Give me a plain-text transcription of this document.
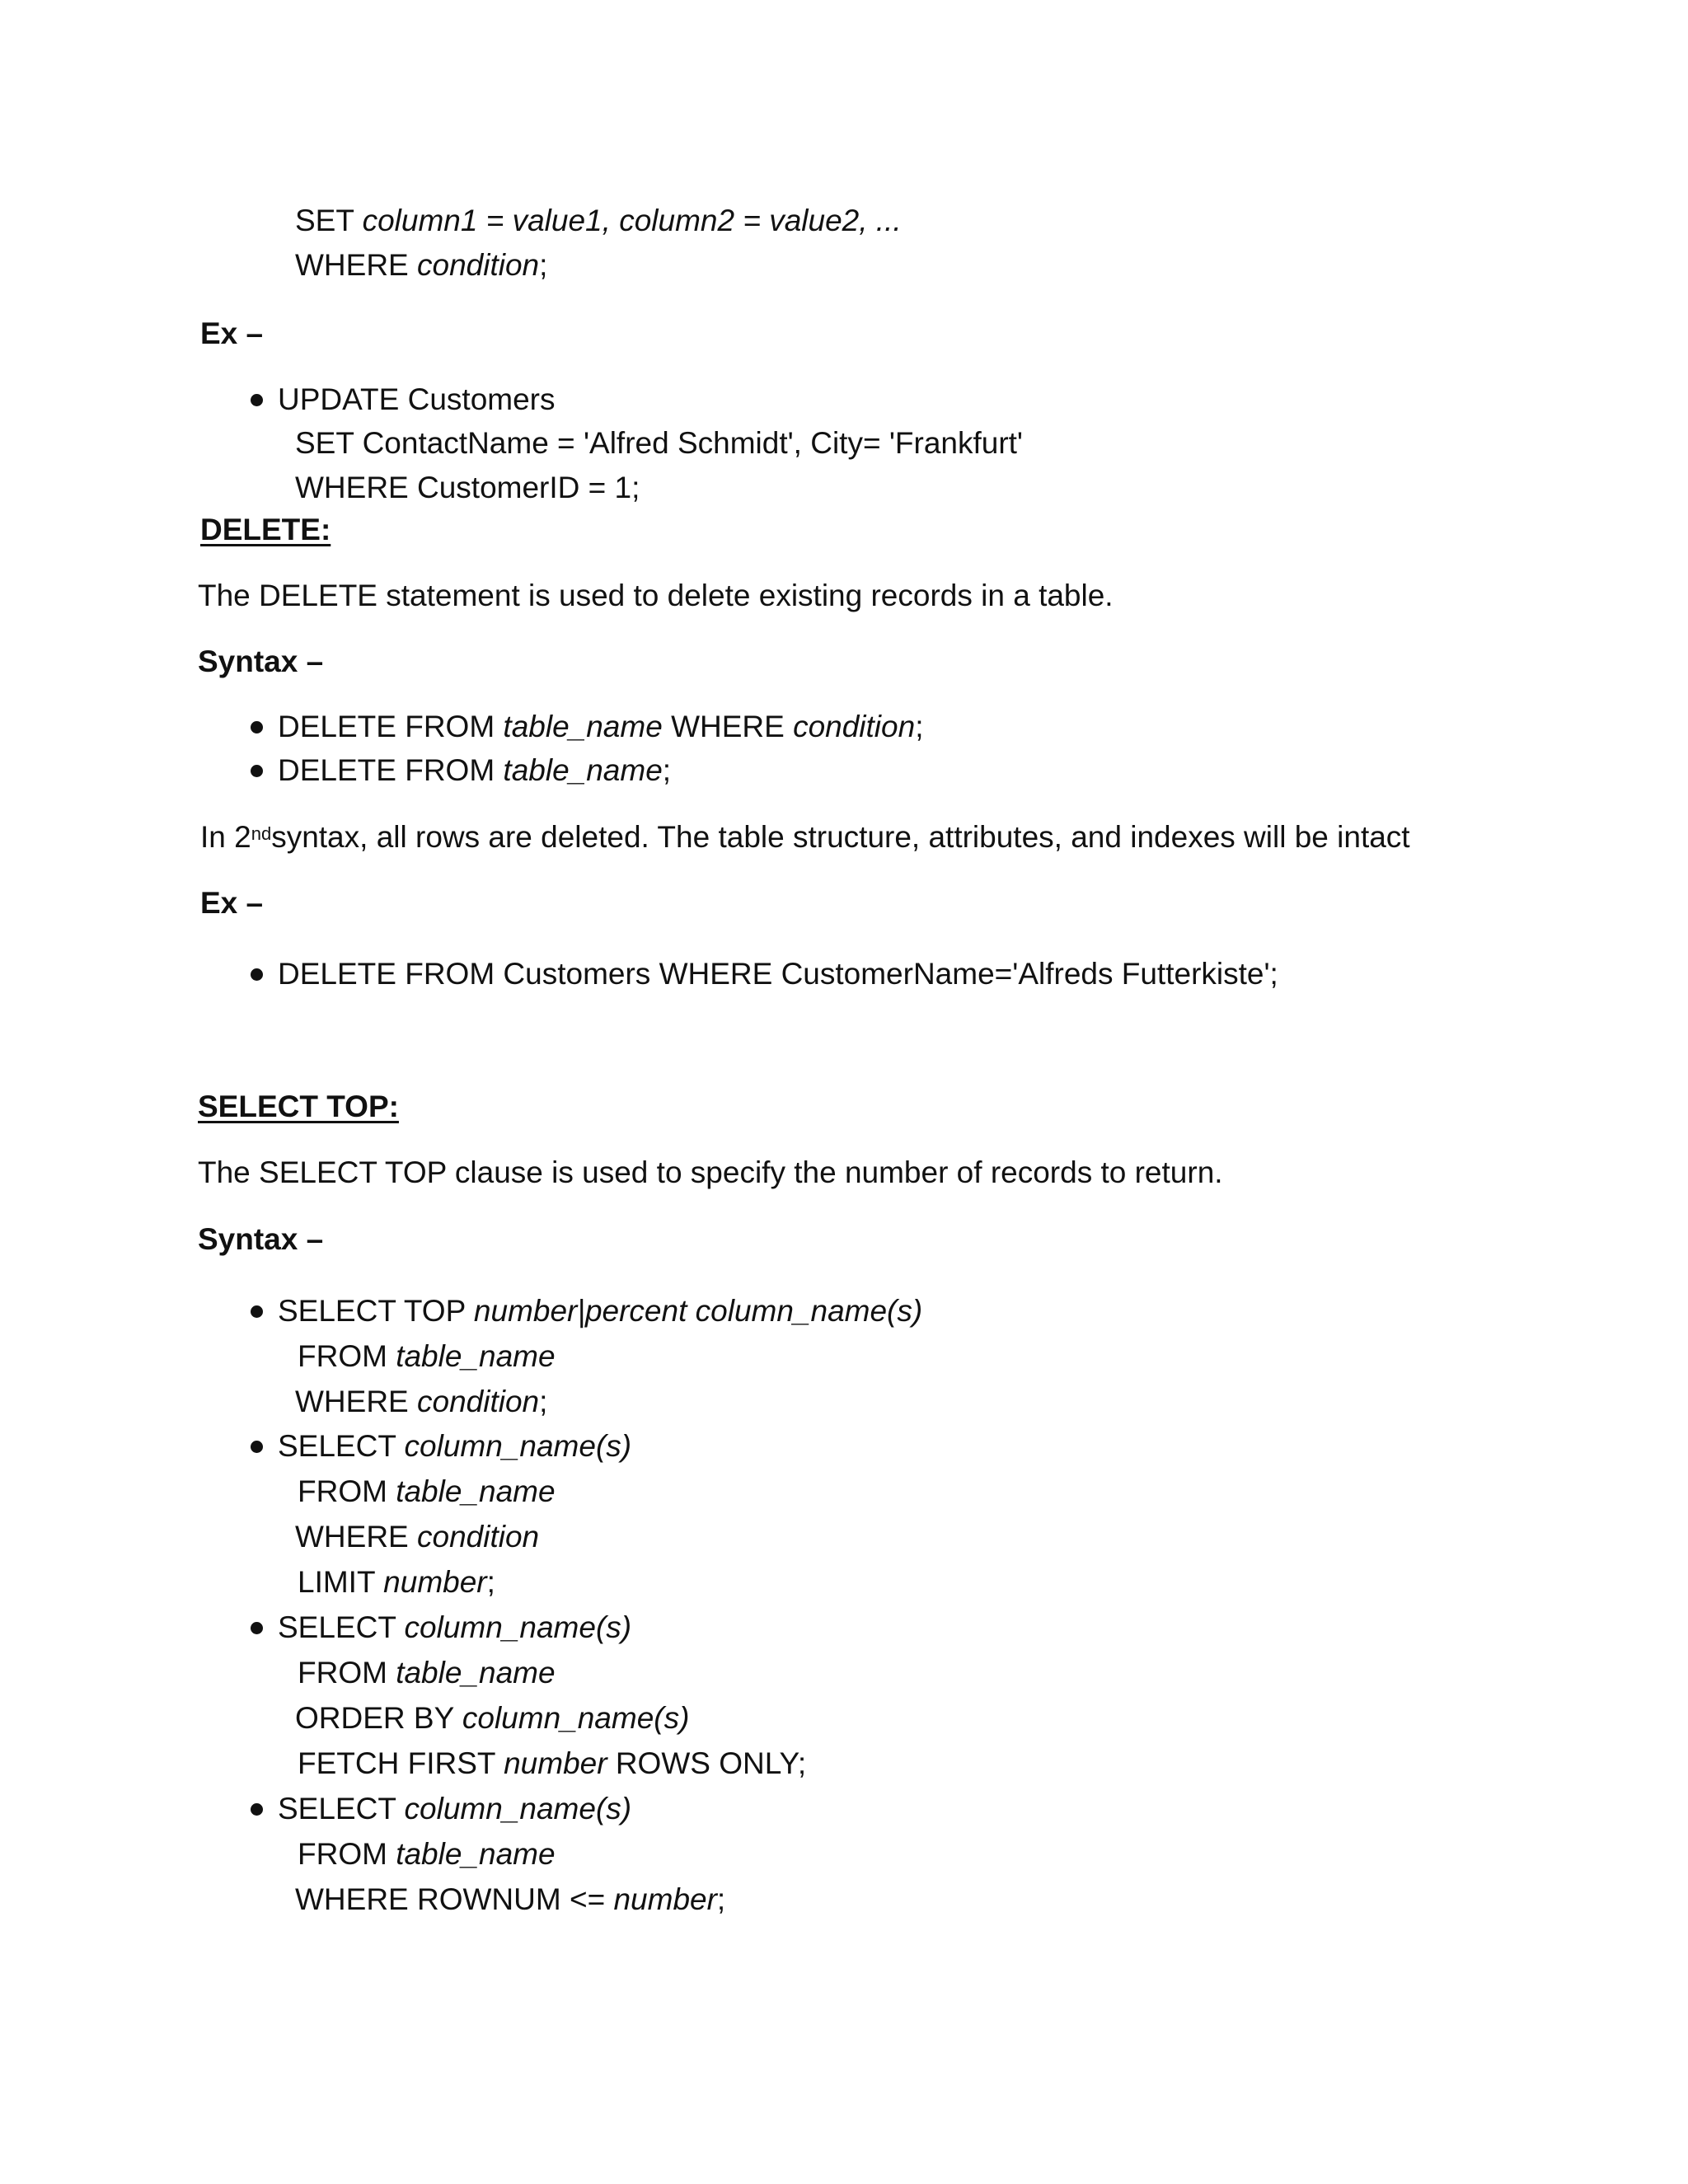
SET column1 = value1, column2 = value2, ...
WHERE condition;
Ex –
UPDATE Customers
SET ContactName = 'Alfred Schmidt', City= 'Frankfurt'
WHERE CustomerID = 1;
DELETE:
The DELETE statement is used to delete existing records in a table.
Syntax –
DELETE FROM table_name WHERE condition;
DELETE FROM table_name;
In 2ndsyntax, all rows are deleted. The table structure, attributes, and indexes will be intact
Ex –
DELETE FROM Customers WHERE CustomerName='Alfreds Futterkiste';
SELECT TOP:
The SELECT TOP clause is used to specify the number of records to return.
Syntax –
SELECT TOP number|percent column_name(s)
FROM table_name
WHERE condition;
SELECT column_name(s)
FROM table_name
WHERE condition
LIMIT number;
SELECT column_name(s)
FROM table_name
ORDER BY column_name(s)
FETCH FIRST number ROWS ONLY;
SELECT column_name(s)
FROM table_name
WHERE ROWNUM <= number;
